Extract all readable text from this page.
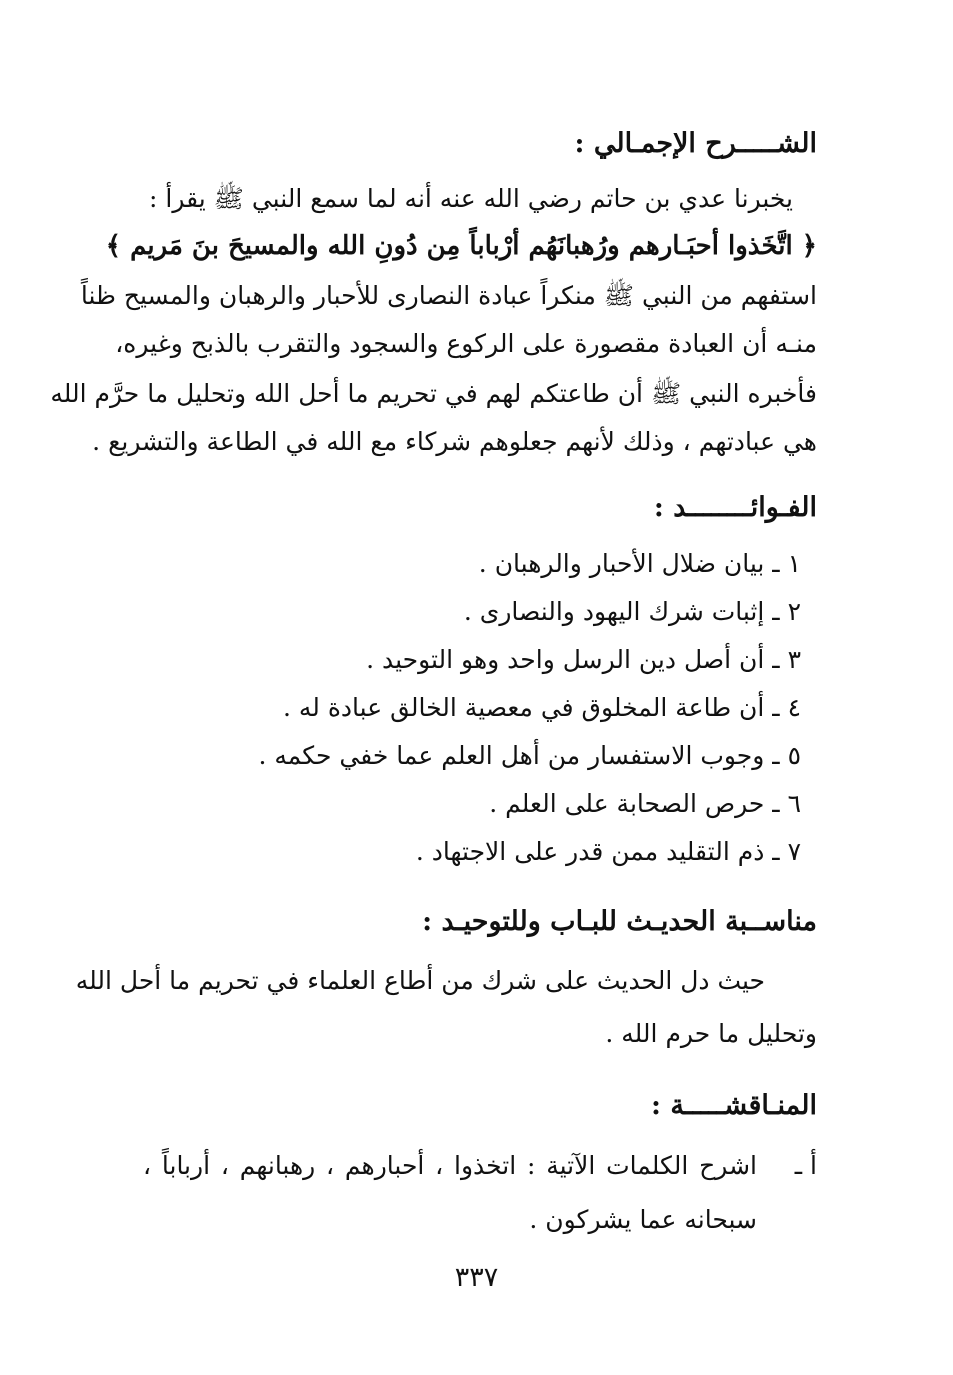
الشـــــرح الإجمـالي :
يخبرنا عدي بن حاتم رضي الله عنه أنه لما سمع النبي ﷺ يقرأ :
﴿ اتَّخَذوا أحبَـارهم ورُهبانَهُم أرْباباً مِن دُونِ الله والمسيحَ بنَ مَريم ﴾
استفهم من النبي ﷺ منكراً عبادة النصارى للأحبار والرهبان والمسيح ظناً
منـه أن العبادة مقصورة على الركوع والسجود والتقرب بالذبح وغيره،
فأخبره النبي ﷺ أن طاعتكم لهم في تحريم ما أحل الله وتحليل ما حرَّم الله
هي عبادتهم ، وذلك لأنهم جعلوهم شركاء مع الله في الطاعة والتشريع .
الفـوائــــــــد :
١ ـ بيان ضلال الأحبار والرهبان .
٢ ـ إثبات شرك اليهود والنصارى .
٣ ـ أن أصل دين الرسل واحد وهو التوحيد .
٤ ـ أن طاعة المخلوق في معصية الخالق عبادة له .
٥ ـ وجوب الاستفسار من أهل العلم عما خفي حكمه .
٦ ـ حرص الصحابة على العلم .
٧ ـ ذم التقليد ممن قدر على الاجتهاد .
مناســبة الحديـث للبـاب وللتوحيـد :
حيث دل الحديث على شرك من أطاع العلماء في تحريم ما أحل الله
وتحليل ما حرم الله .
المنـاقشـــــة :
أ ـ
اشرح الكلمات الآتية : اتخذوا ، أحبارهم ، رهبانهم ، أرباباً ،
سبحانه عما يشركون .
٣٣٧
